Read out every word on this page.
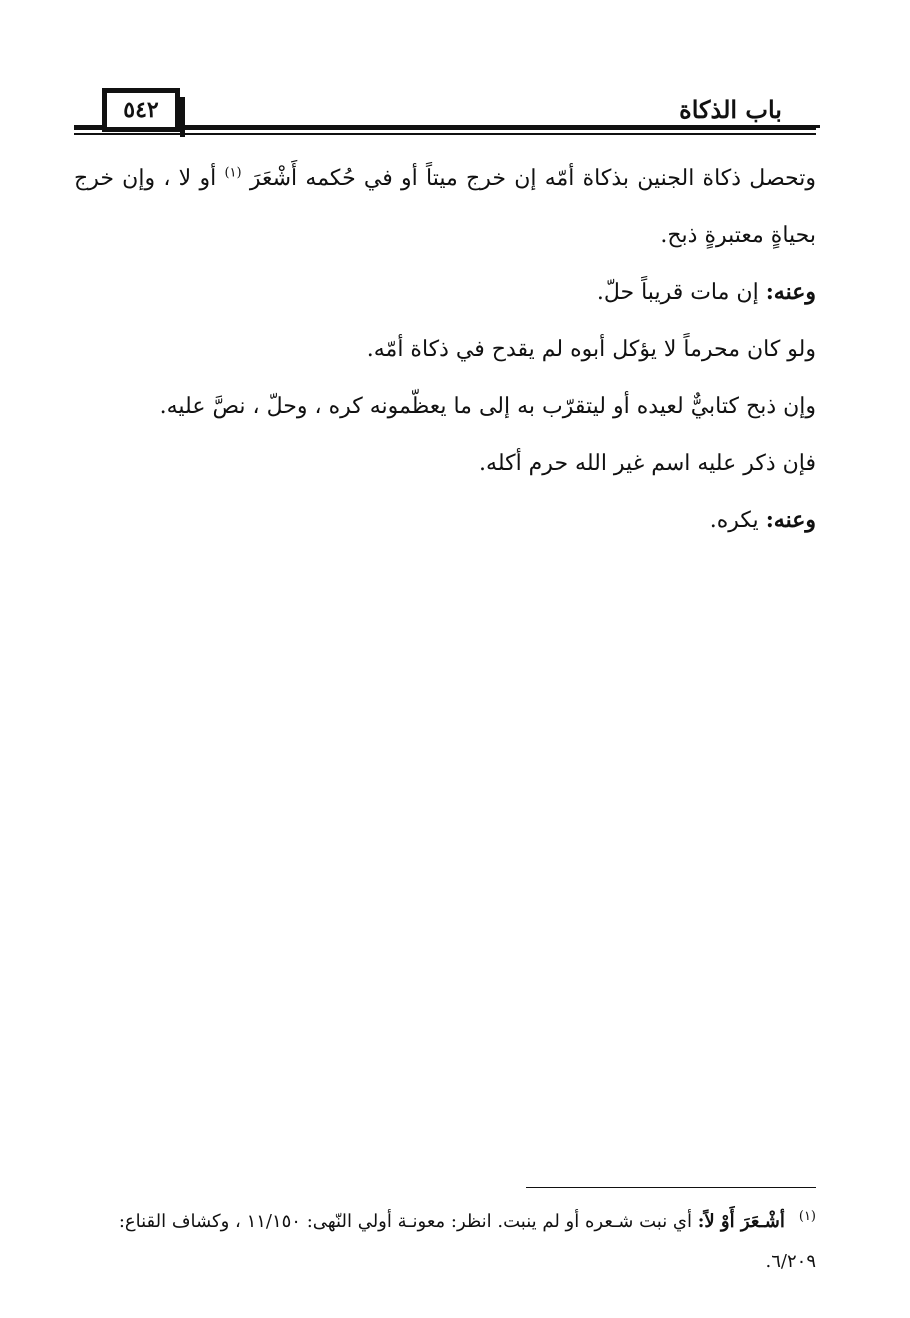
٥٤٢	باب الذكاة

وتحصل ذكاة الجنين بذكاة أمّه إن خرج ميتاً أو في حُكمه أَشْعَرَ $^{(١)}$ أو لا ، وإن خرج بحياةٍ معتبرةٍ ذبح.

وعنه: إن مات قريباً حلّ.

ولو كان محرماً لا يؤكل أبوه لم يقدح في ذكاة أمّه.

وإن ذبح كتابيٌّ لعيده أو ليتقرّب به إلى ما يعظّمونه كره ، وحلّ ، نصَّ عليه.

فإن ذكر عليه اسم غير الله حرم أكله.

وعنه: يكره.

$^{(١)}$أشْـعَرَ أَوْ لاً: أي نبت شـعره أو لم ينبت. انظر: معونـة أولي النّهى: ١١/١٥٠ ، وكشاف القناع: ٦/٢٠٩.
